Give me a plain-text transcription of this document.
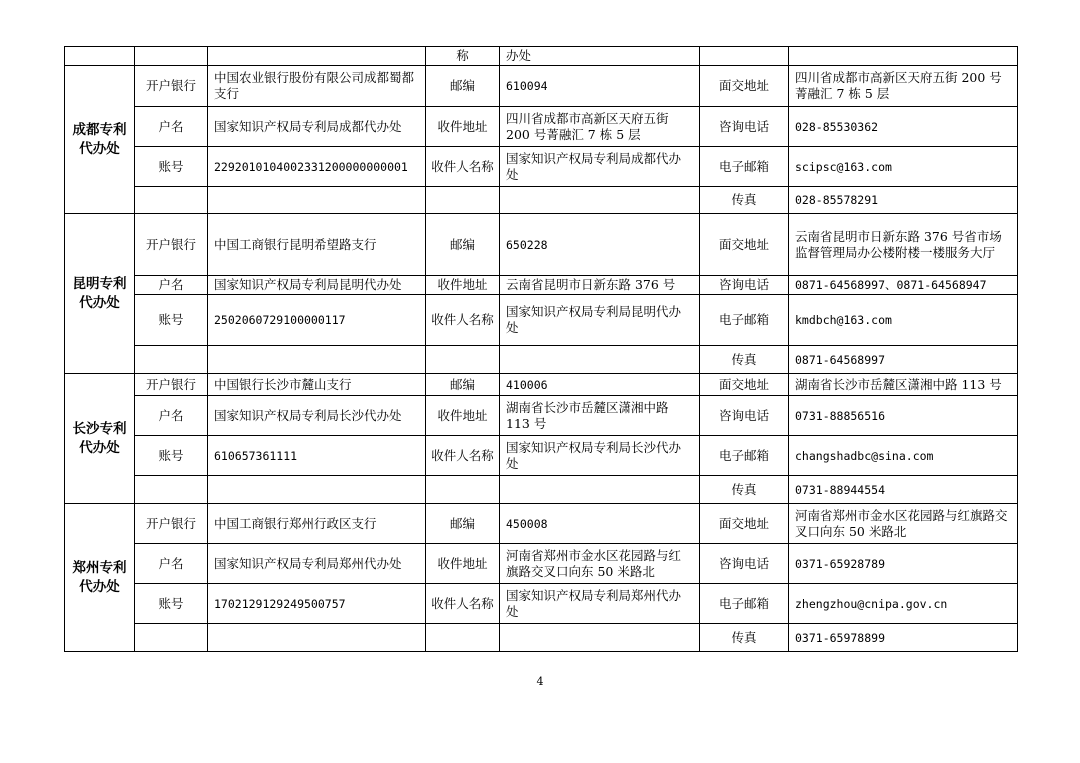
			称	办处		
成都专利代办处	开户银行	中国农业银行股份有限公司成都蜀都支行	邮编	610094	面交地址	四川省成都市高新区天府五街 200 号菁融汇 7 栋 5 层
	户名	国家知识产权局专利局成都代办处	收件地址	四川省成都市高新区天府五街 200 号菁融汇 7 栋 5 层	咨询电话	028-85530362
	账号	2292010104002331200000000001	收件人名称	国家知识产权局专利局成都代办处	电子邮箱	scipsc@163.com
					传真	028-85578291
昆明专利代办处	开户银行	中国工商银行昆明希望路支行	邮编	650228	面交地址	云南省昆明市日新东路 376 号省市场监督管理局办公楼附楼一楼服务大厅
	户名	国家知识产权局专利局昆明代办处	收件地址	云南省昆明市日新东路 376 号	咨询电话	0871-64568997、0871-64568947
	账号	2502060729100000117	收件人名称	国家知识产权局专利局昆明代办处	电子邮箱	kmdbch@163.com
					传真	0871-64568997
长沙专利代办处	开户银行	中国银行长沙市麓山支行	邮编	410006	面交地址	湖南省长沙市岳麓区潇湘中路 113 号
	户名	国家知识产权局专利局长沙代办处	收件地址	湖南省长沙市岳麓区潇湘中路 113 号	咨询电话	0731-88856516
	账号	610657361111	收件人名称	国家知识产权局专利局长沙代办处	电子邮箱	changshadbc@sina.com
					传真	0731-88944554
郑州专利代办处	开户银行	中国工商银行郑州行政区支行	邮编	450008	面交地址	河南省郑州市金水区花园路与红旗路交叉口向东 50 米路北
	户名	国家知识产权局专利局郑州代办处	收件地址	河南省郑州市金水区花园路与红旗路交叉口向东 50 米路北	咨询电话	0371-65928789
	账号	1702129129249500757	收件人名称	国家知识产权局专利局郑州代办处	电子邮箱	zhengzhou@cnipa.gov.cn
					传真	0371-65978899
4
